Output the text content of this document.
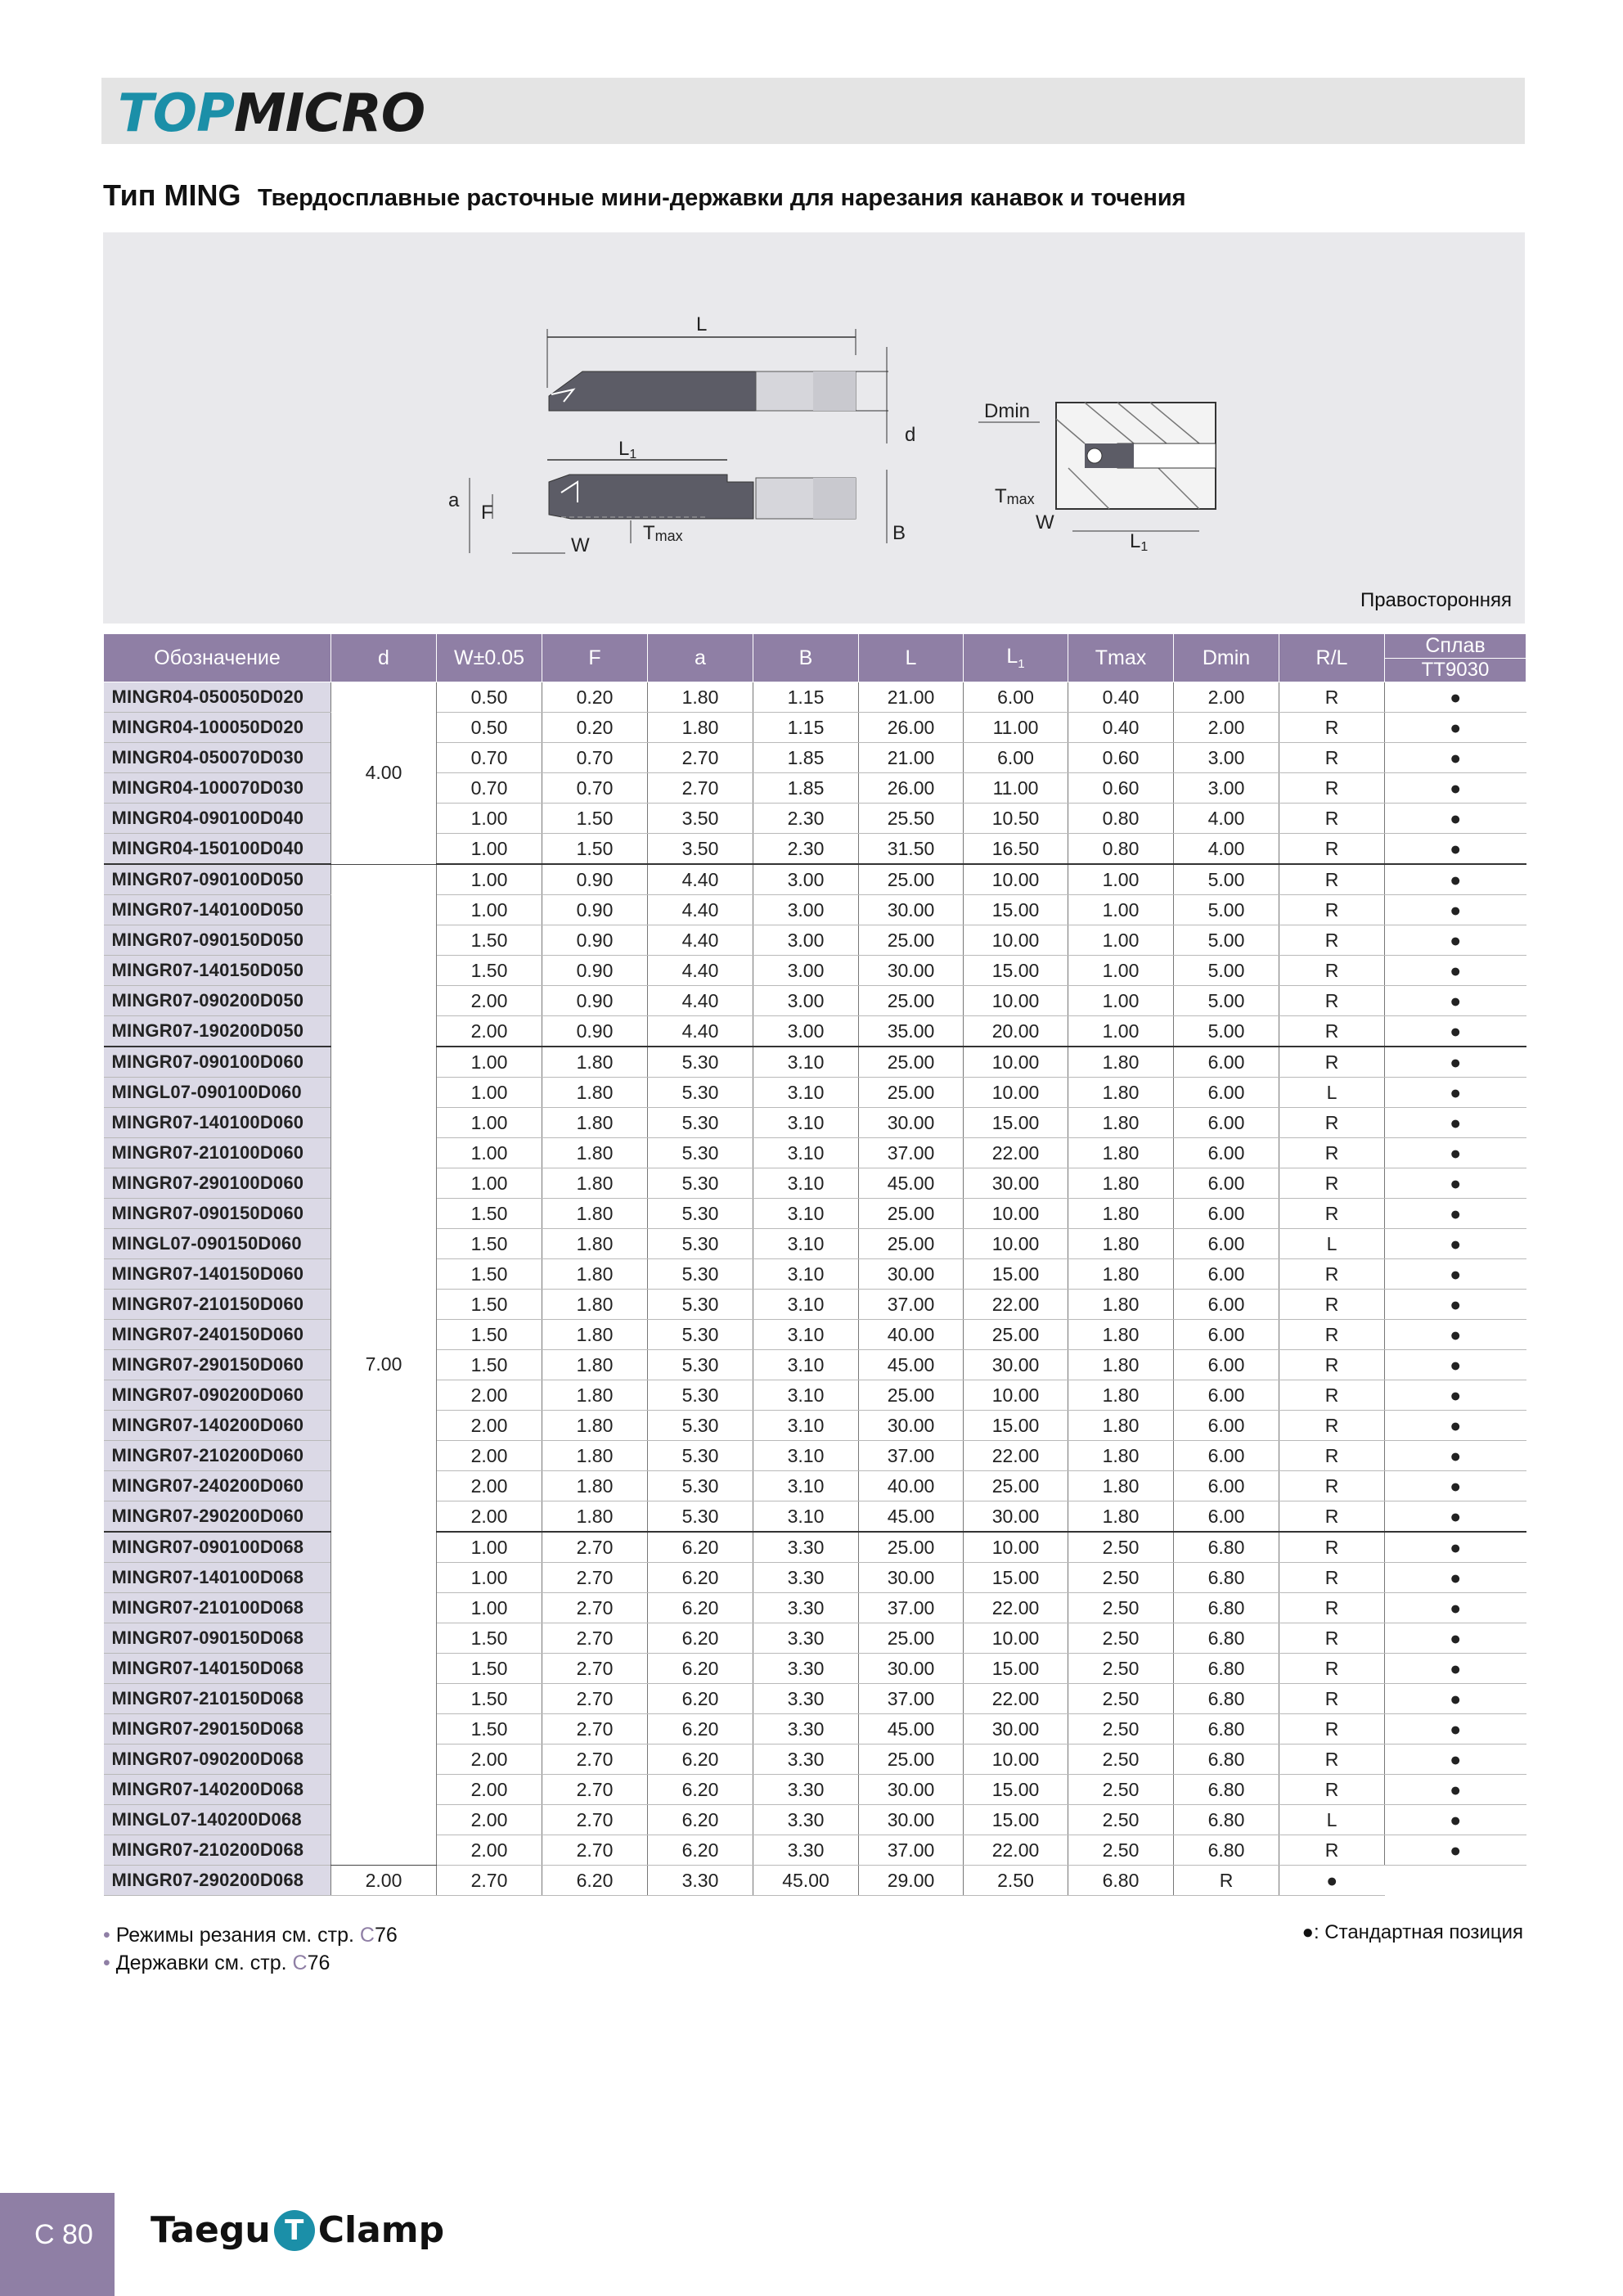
TOPMICRO
Тип MING Твердосплавные расточные мини-державки для нарезания канавок и точения
L
d
L1
B
a
F
W
Tmax
Dmin
Tmax
W
L1
Правосторонняя
Обозначение	d	W±0.05	F	a	B	L	$L_1$	Tmax	Dmin	R/L	Сплав
											TT9030
MINGR04-050050D020	4.00	0.50	0.20	1.80	1.15	21.00	6.00	0.40	2.00	R	●
MINGR04-100050D020		0.50	0.20	1.80	1.15	26.00	11.00	0.40	2.00	R	●
MINGR04-050070D030		0.70	0.70	2.70	1.85	21.00	6.00	0.60	3.00	R	●
MINGR04-100070D030		0.70	0.70	2.70	1.85	26.00	11.00	0.60	3.00	R	●
MINGR04-090100D040		1.00	1.50	3.50	2.30	25.50	10.50	0.80	4.00	R	●
MINGR04-150100D040		1.00	1.50	3.50	2.30	31.50	16.50	0.80	4.00	R	●
MINGR07-090100D050	7.00	1.00	0.90	4.40	3.00	25.00	10.00	1.00	5.00	R	●
MINGR07-140100D050		1.00	0.90	4.40	3.00	30.00	15.00	1.00	5.00	R	●
MINGR07-090150D050		1.50	0.90	4.40	3.00	25.00	10.00	1.00	5.00	R	●
MINGR07-140150D050		1.50	0.90	4.40	3.00	30.00	15.00	1.00	5.00	R	●
MINGR07-090200D050		2.00	0.90	4.40	3.00	25.00	10.00	1.00	5.00	R	●
MINGR07-190200D050		2.00	0.90	4.40	3.00	35.00	20.00	1.00	5.00	R	●
MINGR07-090100D060		1.00	1.80	5.30	3.10	25.00	10.00	1.80	6.00	R	●
MINGL07-090100D060		1.00	1.80	5.30	3.10	25.00	10.00	1.80	6.00	L	●
MINGR07-140100D060		1.00	1.80	5.30	3.10	30.00	15.00	1.80	6.00	R	●
MINGR07-210100D060		1.00	1.80	5.30	3.10	37.00	22.00	1.80	6.00	R	●
MINGR07-290100D060		1.00	1.80	5.30	3.10	45.00	30.00	1.80	6.00	R	●
MINGR07-090150D060		1.50	1.80	5.30	3.10	25.00	10.00	1.80	6.00	R	●
MINGL07-090150D060		1.50	1.80	5.30	3.10	25.00	10.00	1.80	6.00	L	●
MINGR07-140150D060		1.50	1.80	5.30	3.10	30.00	15.00	1.80	6.00	R	●
MINGR07-210150D060		1.50	1.80	5.30	3.10	37.00	22.00	1.80	6.00	R	●
MINGR07-240150D060		1.50	1.80	5.30	3.10	40.00	25.00	1.80	6.00	R	●
MINGR07-290150D060		1.50	1.80	5.30	3.10	45.00	30.00	1.80	6.00	R	●
MINGR07-090200D060		2.00	1.80	5.30	3.10	25.00	10.00	1.80	6.00	R	●
MINGR07-140200D060		2.00	1.80	5.30	3.10	30.00	15.00	1.80	6.00	R	●
MINGR07-210200D060		2.00	1.80	5.30	3.10	37.00	22.00	1.80	6.00	R	●
MINGR07-240200D060		2.00	1.80	5.30	3.10	40.00	25.00	1.80	6.00	R	●
MINGR07-290200D060		2.00	1.80	5.30	3.10	45.00	30.00	1.80	6.00	R	●
MINGR07-090100D068		1.00	2.70	6.20	3.30	25.00	10.00	2.50	6.80	R	●
MINGR07-140100D068		1.00	2.70	6.20	3.30	30.00	15.00	2.50	6.80	R	●
MINGR07-210100D068		1.00	2.70	6.20	3.30	37.00	22.00	2.50	6.80	R	●
MINGR07-090150D068		1.50	2.70	6.20	3.30	25.00	10.00	2.50	6.80	R	●
MINGR07-140150D068		1.50	2.70	6.20	3.30	30.00	15.00	2.50	6.80	R	●
MINGR07-210150D068		1.50	2.70	6.20	3.30	37.00	22.00	2.50	6.80	R	●
MINGR07-290150D068		1.50	2.70	6.20	3.30	45.00	30.00	2.50	6.80	R	●
MINGR07-090200D068		2.00	2.70	6.20	3.30	25.00	10.00	2.50	6.80	R	●
MINGR07-140200D068		2.00	2.70	6.20	3.30	30.00	15.00	2.50	6.80	R	●
MINGL07-140200D068		2.00	2.70	6.20	3.30	30.00	15.00	2.50	6.80	L	●
MINGR07-210200D068		2.00	2.70	6.20	3.30	37.00	22.00	2.50	6.80	R	●
MINGR07-290200D068	2.00	2.70	6.20	3.30	45.00	29.00	2.50	6.80	R	●	
• Режимы резания см. стр. C76
• Державки см. стр. C76
●: Стандартная позиция
C 80 Taegu T Clamp
